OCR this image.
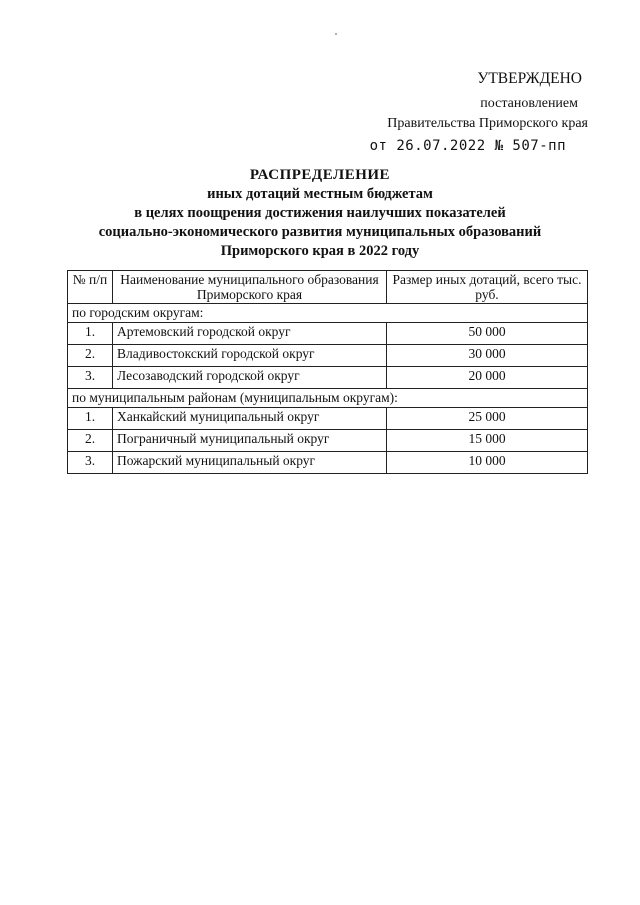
УТВЕРЖДЕНО
постановлением
Правительства Приморского края
от 26.07.2022 № 507-пп
РАСПРЕДЕЛЕНИЕ
иных дотаций местным бюджетам
в целях поощрения достижения наилучших показателей
социально-экономического развития муниципальных образований
Приморского края в 2022 году
№ п/п	Наименование муниципального образования Приморского края	Размер иных дотаций, всего тыс. руб.
по городским округам:		
1.	Артемовский городской округ	50 000
2.	Владивостокский городской округ	30 000
3.	Лесозаводский городской округ	20 000
по муниципальным районам (муниципальным округам):		
1.	Ханкайский муниципальный округ	25 000
2.	Пограничный муниципальный округ	15 000
3.	Пожарский муниципальный округ	10 000
